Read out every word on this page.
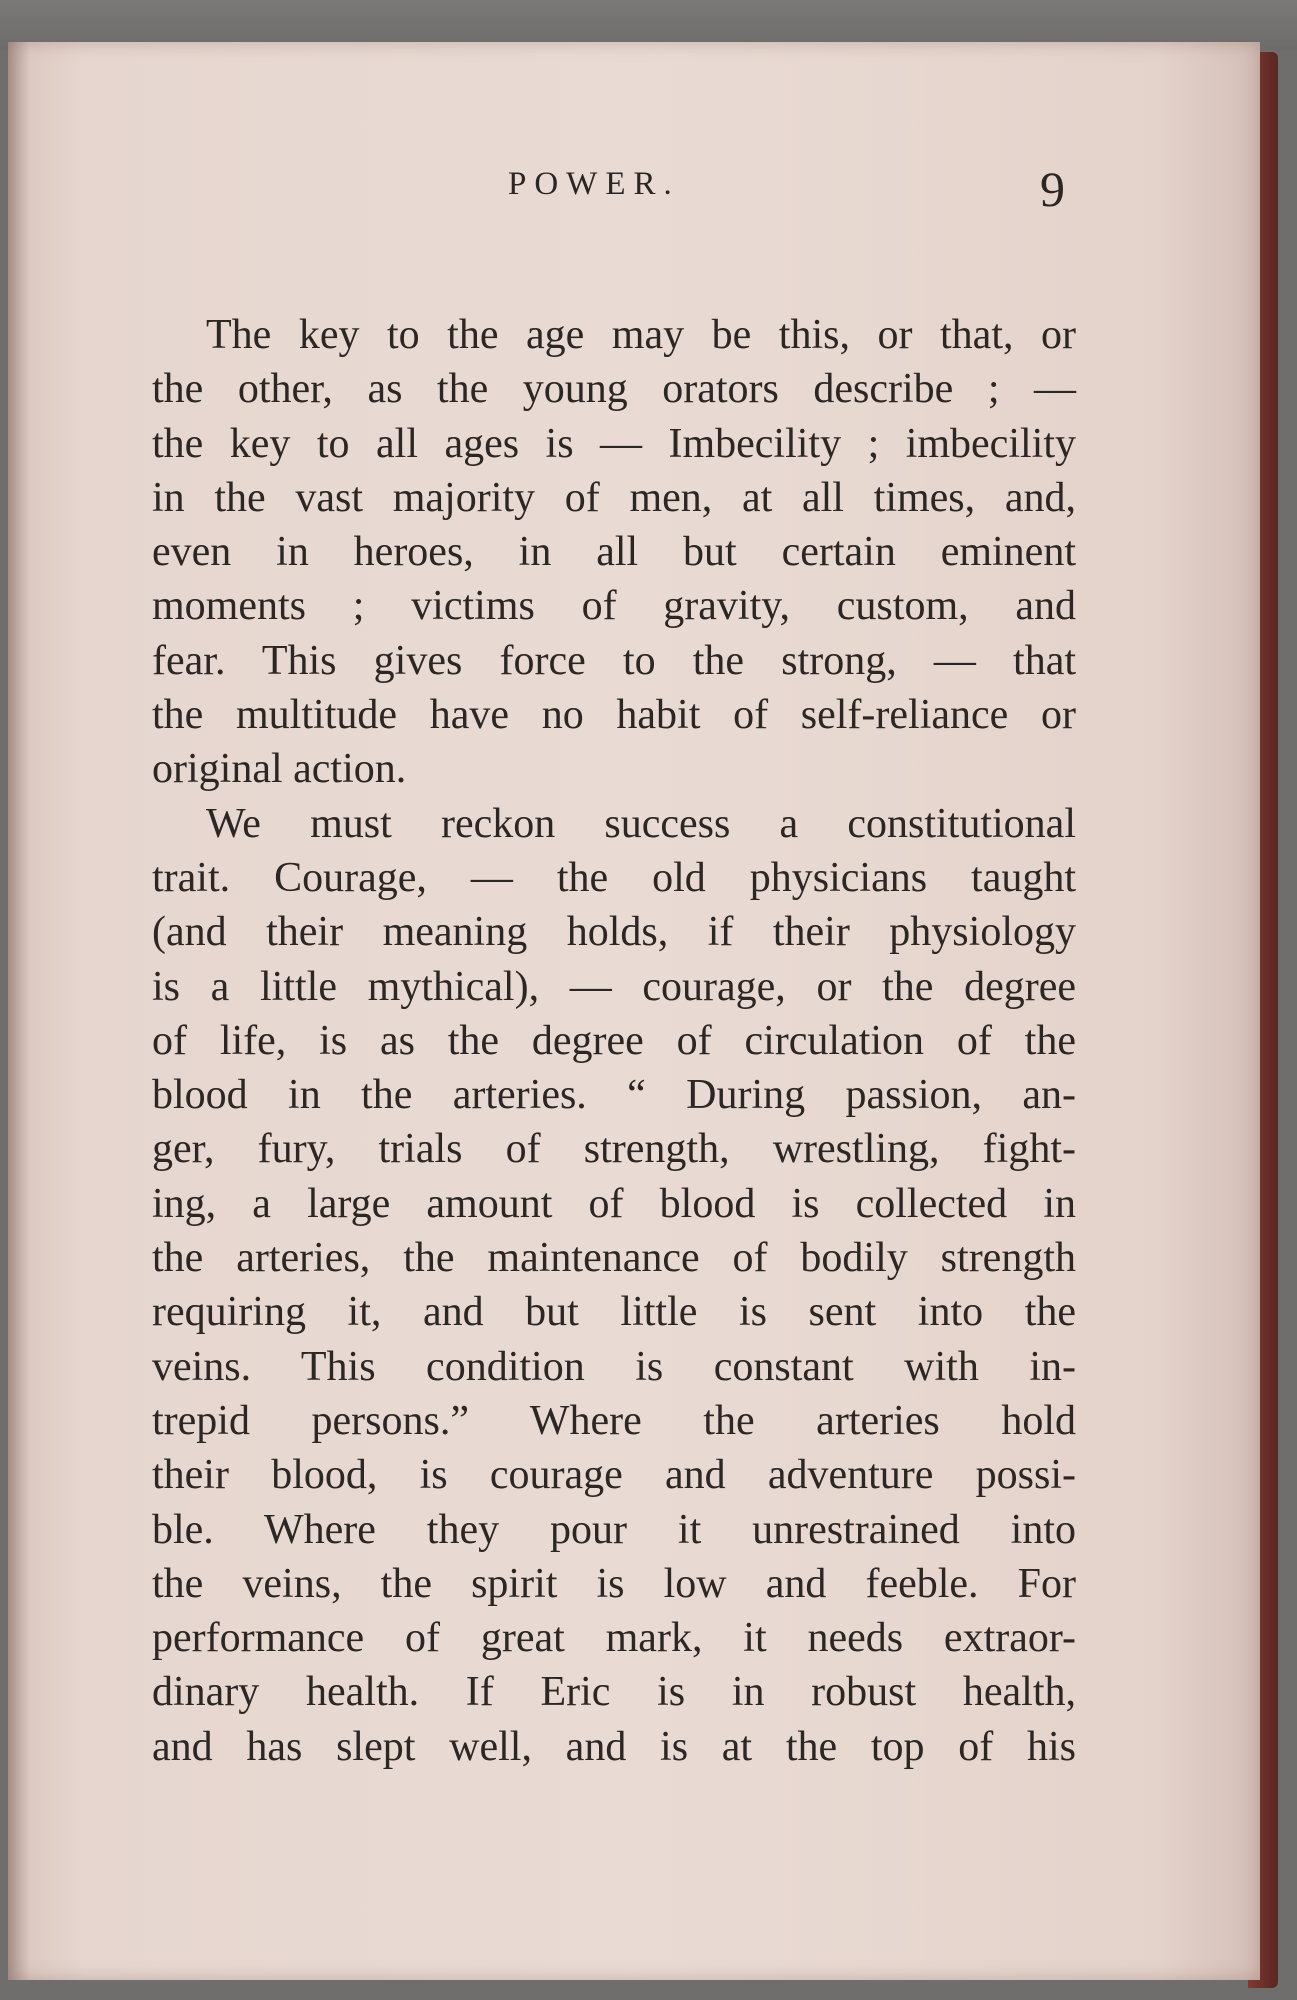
POWER.	9
The key to the age may be this, or that, or
the other, as the young orators describe ; —
the key to all ages is — Imbecility ; imbecility
in the vast majority of men, at all times, and,
even in heroes, in all but certain eminent
moments ; victims of gravity, custom, and
fear. This gives force to the strong, — that
the multitude have no habit of self-reliance or
original action.
We must reckon success a constitutional
trait. Courage, — the old physicians taught
(and their meaning holds, if their physiology
is a little mythical), — courage, or the degree
of life, is as the degree of circulation of the
blood in the arteries. “ During passion, an-
ger, fury, trials of strength, wrestling, fight-
ing, a large amount of blood is collected in
the arteries, the maintenance of bodily strength
requiring it, and but little is sent into the
veins. This condition is constant with in-
trepid persons.” Where the arteries hold
their blood, is courage and adventure possi-
ble. Where they pour it unrestrained into
the veins, the spirit is low and feeble. For
performance of great mark, it needs extraor-
dinary health. If Eric is in robust health,
and has slept well, and is at the top of his
